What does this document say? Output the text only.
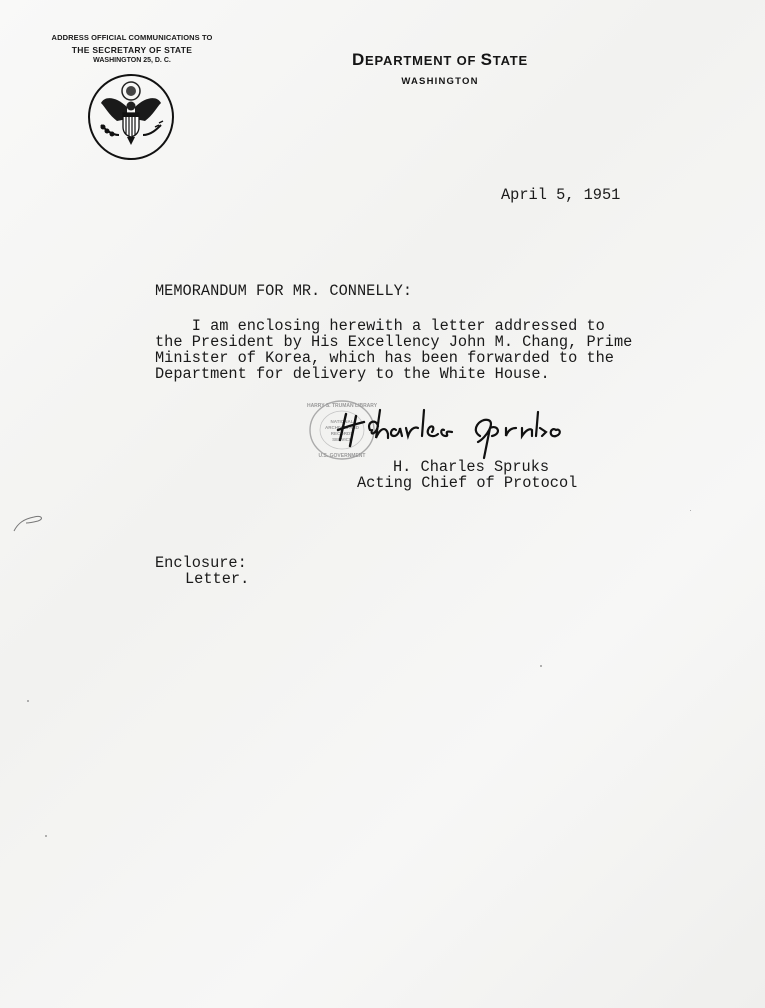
ADDRESS OFFICIAL COMMUNICATIONS TO
THE SECRETARY OF STATE
WASHINGTON 25, D. C.	DEPARTMENT OF STATE
WASHINGTON
April 5, 1951
MEMORANDUM FOR MR. CONNELLY:
I am enclosing herewith a letter addressed to
the President by His Excellency John M. Chang, Prime
Minister of Korea, which has been forwarded to the
Department for delivery to the White House.
NATIONAL
ARCHIVES AND
RECORDS
SERVICE
HARRY S. TRUMAN LIBRARY
U.S. GOVERNMENT
H. Charles Spruks
Acting Chief of Protocol
Enclosure:
Letter.
